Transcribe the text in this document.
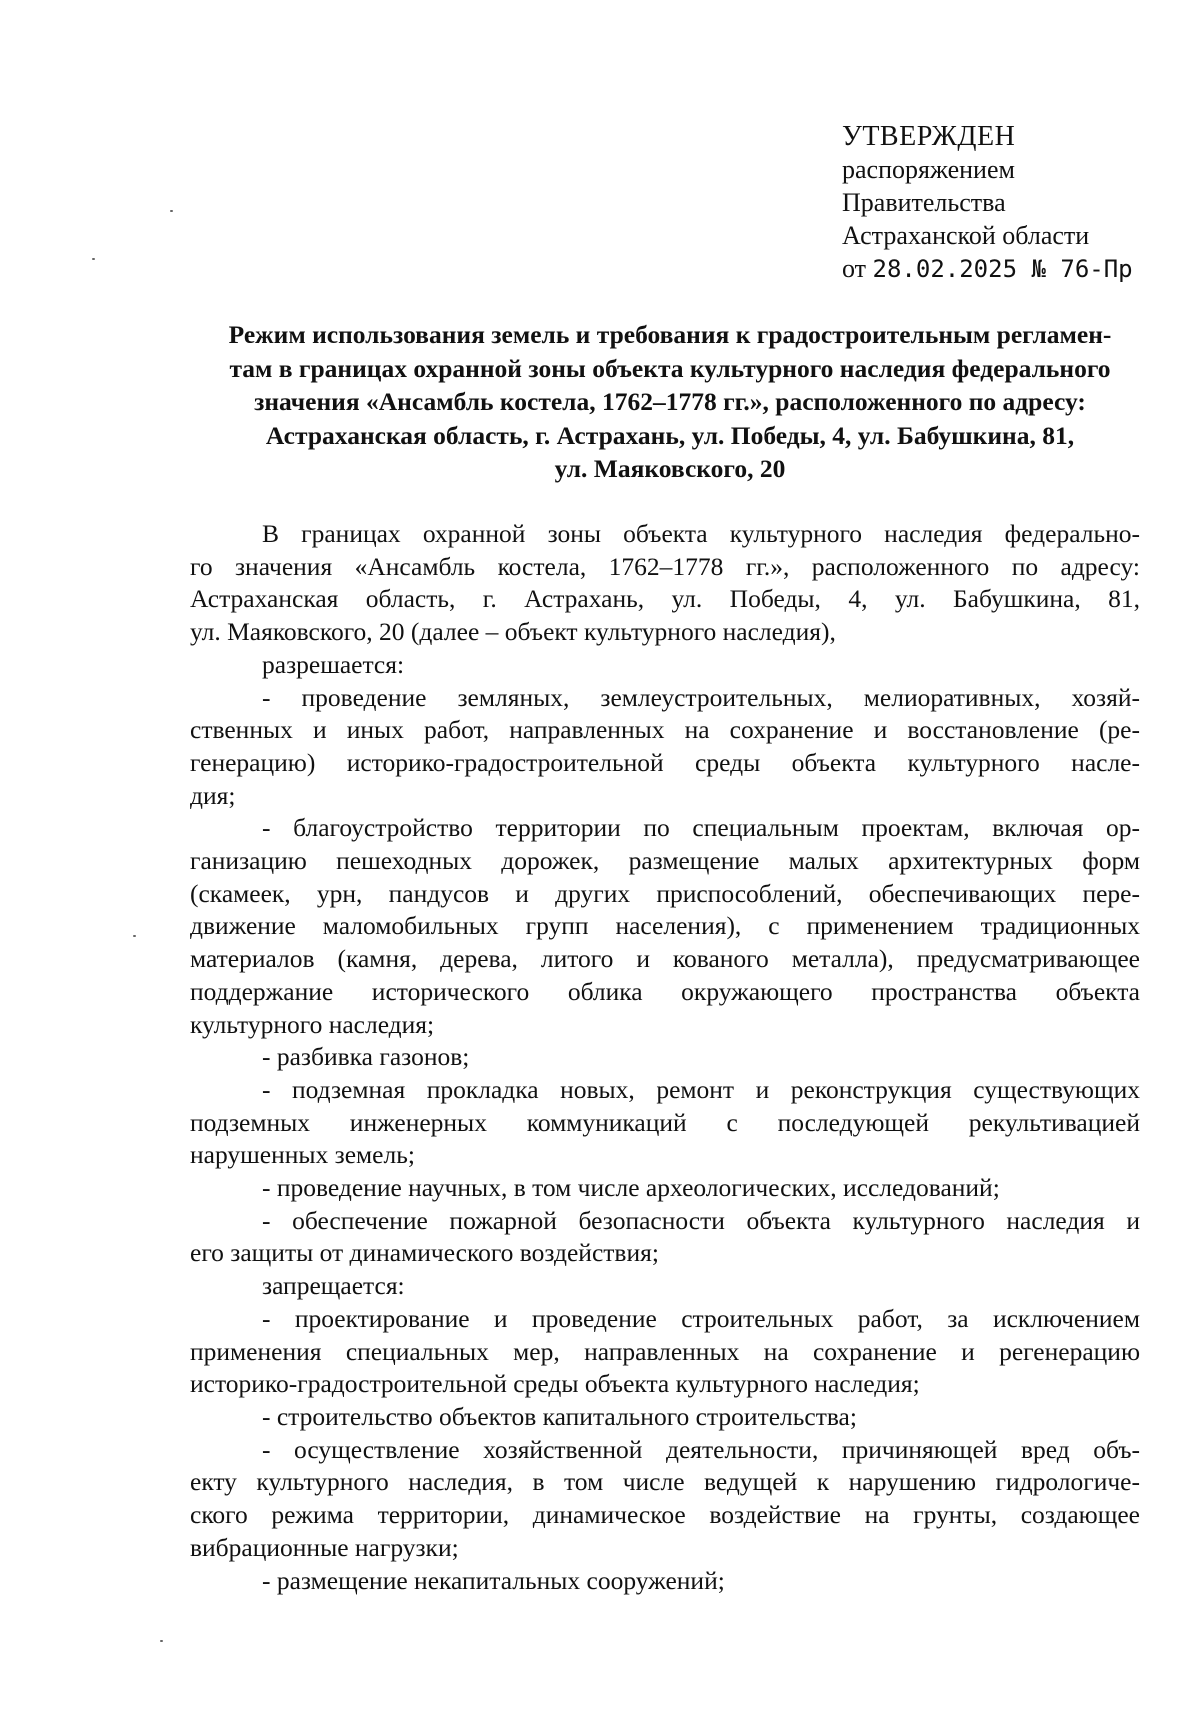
УТВЕРЖДЕН
распоряжением
Правительства
Астраханской области
от 28.02.2025 № 76-Пр
Режим использования земель и требования к градостроительным регламен-
там в границах охранной зоны объекта культурного наследия федерального
значения «Ансамбль костела, 1762–1778 гг.», расположенного по адресу:
Астраханская область, г. Астрахань, ул. Победы, 4, ул. Бабушкина, 81,
ул. Маяковского, 20
В границах охранной зоны объекта культурного наследия федерально-
го значения «Ансамбль костела, 1762–1778 гг.», расположенного по адресу:
Астраханская область, г. Астрахань, ул. Победы, 4, ул. Бабушкина, 81,
ул. Маяковского, 20 (далее – объект культурного наследия),
разрешается:
- проведение земляных, землеустроительных, мелиоративных, хозяй-
ственных и иных работ, направленных на сохранение и восстановление (ре-
генерацию) историко-градостроительной среды объекта культурного насле-
дия;
- благоустройство территории по специальным проектам, включая ор-
ганизацию пешеходных дорожек, размещение малых архитектурных форм
(скамеек, урн, пандусов и других приспособлений, обеспечивающих пере-
движение маломобильных групп населения), с применением традиционных
материалов (камня, дерева, литого и кованого металла), предусматривающее
поддержание исторического облика окружающего пространства объекта
культурного наследия;
- разбивка газонов;
- подземная прокладка новых, ремонт и реконструкция существующих
подземных инженерных коммуникаций с последующей рекультивацией
нарушенных земель;
- проведение научных, в том числе археологических, исследований;
- обеспечение пожарной безопасности объекта культурного наследия и
его защиты от динамического воздействия;
запрещается:
- проектирование и проведение строительных работ, за исключением
применения специальных мер, направленных на сохранение и регенерацию
историко-градостроительной среды объекта культурного наследия;
- строительство объектов капитального строительства;
- осуществление хозяйственной деятельности, причиняющей вред объ-
екту культурного наследия, в том числе ведущей к нарушению гидрологиче-
ского режима территории, динамическое воздействие на грунты, создающее
вибрационные нагрузки;
- размещение некапитальных сооружений;
